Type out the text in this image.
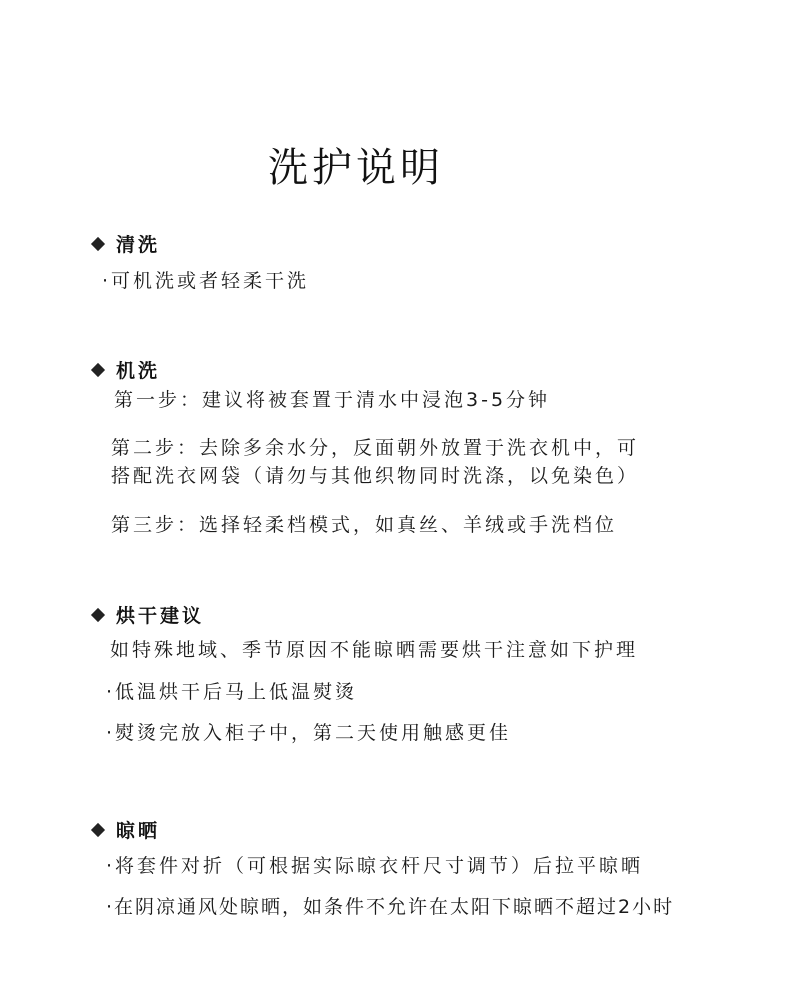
洗护说明
清洗
·可机洗或者轻柔干洗
机洗
第一步：建议将被套置于清水中浸泡3-5分钟
第二步：去除多余水分，反面朝外放置于洗衣机中，可
搭配洗衣网袋（请勿与其他织物同时洗涤，以免染色）
第三步：选择轻柔档模式，如真丝、羊绒或手洗档位
烘干建议
如特殊地域、季节原因不能晾晒需要烘干注意如下护理
·低温烘干后马上低温熨烫
·熨烫完放入柜子中，第二天使用触感更佳
晾晒
·将套件对折（可根据实际晾衣杆尺寸调节）后拉平晾晒
·在阴凉通风处晾晒，如条件不允许在太阳下晾晒不超过2小时
